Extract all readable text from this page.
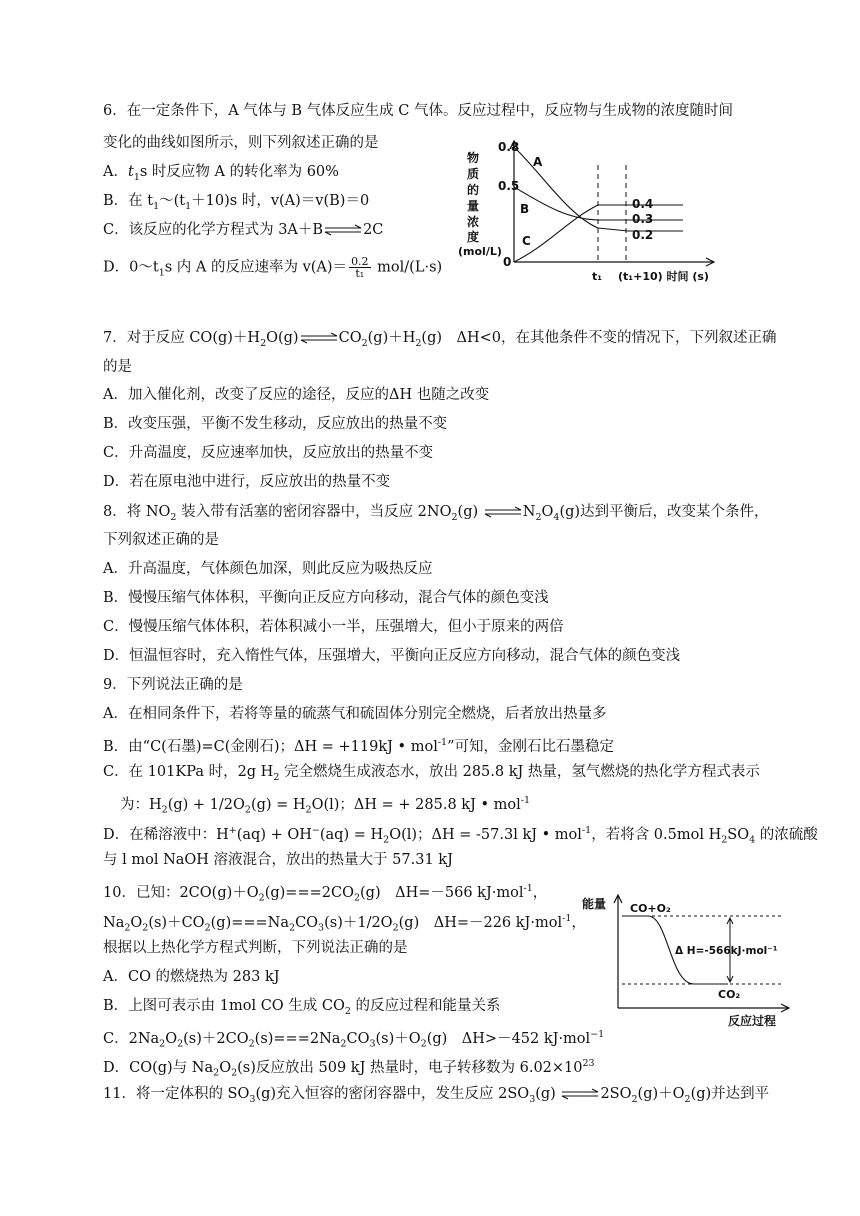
6．在一定条件下，A 气体与 B 气体反应生成 C 气体。反应过程中，反应物与生成物的浓度随时间
变化的曲线如图所示，则下列叙述正确的是
A．$t_1s$ 时反应物 A 的转化率为 60%
B．在 $t_1\sim(t_1+10)s$ 时，v(A)＝v(B)＝0
C．该反应的化学方程式为 3A＋B⇌2C
D．$0\sim t_1s$ 内 A 的反应速率为 $v(A)= \frac{0.2}{\text{t₁}} mol/(L\cdot s)$
物
质
的
量
浓
度
(mol/L)
0.8
0.5
0
A
B
C
0.4
0.3
0.2
t₁ (t₁+10) 时间 (s)
7．对于反应 $CO(g)+H_2O(g)\rightleftharpoons CO_2(g)+H_2(g)$　ΔH<0，在其他条件不变的情况下，下列叙述正确
的是
A．加入催化剂，改变了反应的途径，反应的ΔH 也随之改变
B．改变压强，平衡不发生移动，反应放出的热量不变
C．升高温度，反应速率加快，反应放出的热量不变
D．若在原电池中进行，反应放出的热量不变
8．将 $NO_2$ 装入带有活塞的密闭容器中，当反应 $2NO_2(g)$ $\rightleftharpoons N_2O_4(g)$达到平衡后，改变某个条件，
下列叙述正确的是
A．升高温度，气体颜色加深，则此反应为吸热反应
B．慢慢压缩气体体积，平衡向正反应方向移动，混合气体的颜色变浅
C．慢慢压缩气体体积，若体积减小一半，压强增大，但小于原来的两倍
D．恒温恒容时，充入惰性气体，压强增大，平衡向正反应方向移动，混合气体的颜色变浅
9．下列说法正确的是
A．在相同条件下，若将等量的硫蒸气和硫固体分别完全燃烧，后者放出热量多
B．由“C(石墨)=C(金刚石)；ΔH = +119kJ • mol$^{-1}$”可知，金刚石比石墨稳定
C．在 101KPa 时，2g $H_2$ 完全燃烧生成液态水，放出 285.8 kJ 热量，氢气燃烧的热化学方程式表示
为：$H_2(g) + 1/2O_2(g) = H_2O(l)$；ΔH = + 285.8 kJ • mol$^{-1}$
D．在稀溶液中：$H^+(aq) + OH^-(aq) = H_2O(l)$；ΔH = -57.3l kJ • mol$^{-1}$，若将含 0.5mol $H_2SO_4$ 的浓硫酸
与 l mol NaOH 溶液混合，放出的热量大于 57.31 kJ
10．已知：$2CO(g)+O_2(g)===2CO_2(g)$　ΔH=－566 kJ·mol$^{-1}$，
$Na_2O_2(s)+CO_2(g)===Na_2CO_3(s)+1/2O_2(g)$　ΔH=－226 kJ·mol$^{-1}$，
根据以上热化学方程式判断，下列说法正确的是
A．CO 的燃烧热为 283 kJ
B．上图可表示由 1mol CO 生成 $CO_2$ 的反应过程和能量关系
C．$2Na_2O_2(s)+2CO_2(s)===2Na_2CO_3(s)+O_2(g)$　ΔH>－452 kJ·mol$^{-1}$
D．CO(g)与 $Na_2O_2(s)$反应放出 509 kJ 热量时，电子转移数为 $6.02\times 10^{23}$
能量 CO+O₂
CO₂
Δ H=-566kJ·mol⁻¹
反应过程
11．将一定体积的 $SO_3(g)$充入恒容的密闭容器中，发生反应 $2SO_3(g)$ $\rightleftharpoons 2SO_2(g)+O_2(g)$并达到平
